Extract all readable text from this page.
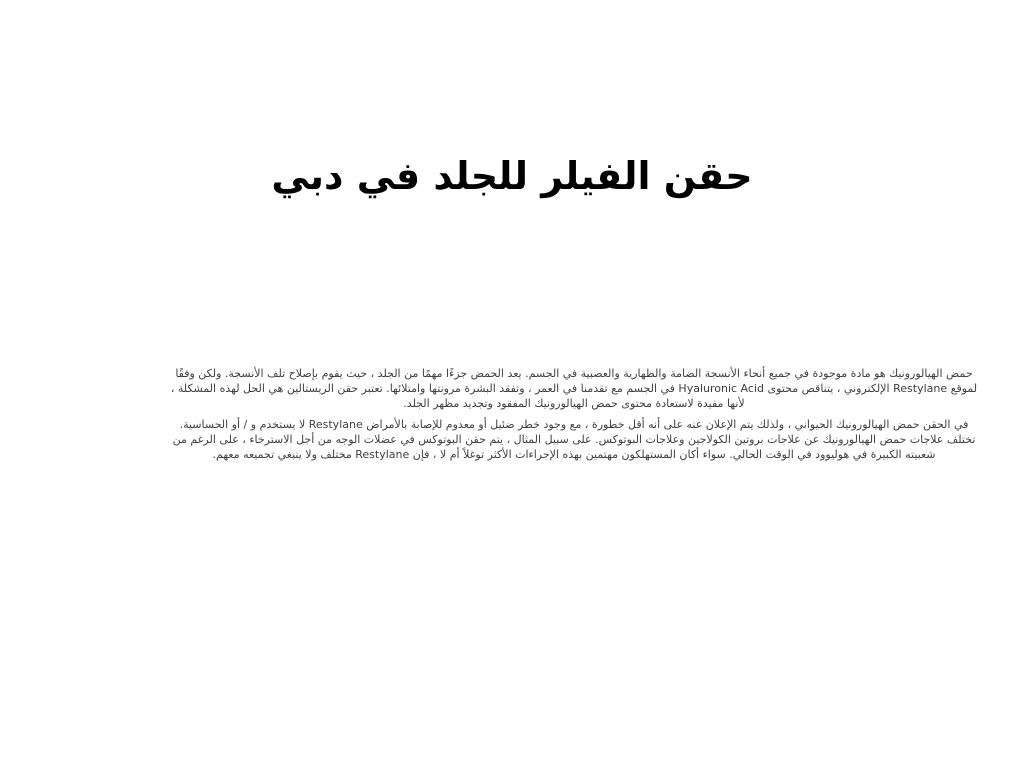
حقن الفيلر للجلد في دبي

حمض الهيالورونيك هو مادة موجودة في جميع أنحاء الأنسجة الضامة والظهارية والعصبية في الجسم. يعد الحمض جزءًا مهمًا من الجلد ، حيث يقوم بإصلاح تلف الأنسجة. ولكن وفقًا لموقع Restylane الإلكتروني ، يتناقص محتوى Hyaluronic Acid في الجسم مع تقدمنا في العمر ، وتفقد البشرة مرونتها وامتلائها. تعتبر حقن الريستالين هي الحل لهذه المشكلة ، لأنها مفيدة لاستعادة محتوى حمض الهيالورونيك المفقود وتجديد مظهر الجلد.

في الحقن حمض الهيالورونيك الحيواني ، ولذلك يتم الإعلان عنه على أنه أقل خطورة ، مع وجود خطر ضئيل أو معدوم للإصابة بالأمراض Restylane لا يستخدم و / أو الحساسية. تختلف علاجات حمض الهيالورونيك عن علاجات بروتين الكولاجين وعلاجات البوتوكس. على سبيل المثال ، يتم حقن البوتوكس في عضلات الوجه من أجل الاسترخاء ، على الرغم من شعبيته الكبيرة في هوليوود في الوقت الحالي. سواء أكان المستهلكون مهتمين بهذه الإجراءات الأكثر توغلاً أم لا ، فإن Restylane مختلف ولا ينبغي تجميعه معهم.
